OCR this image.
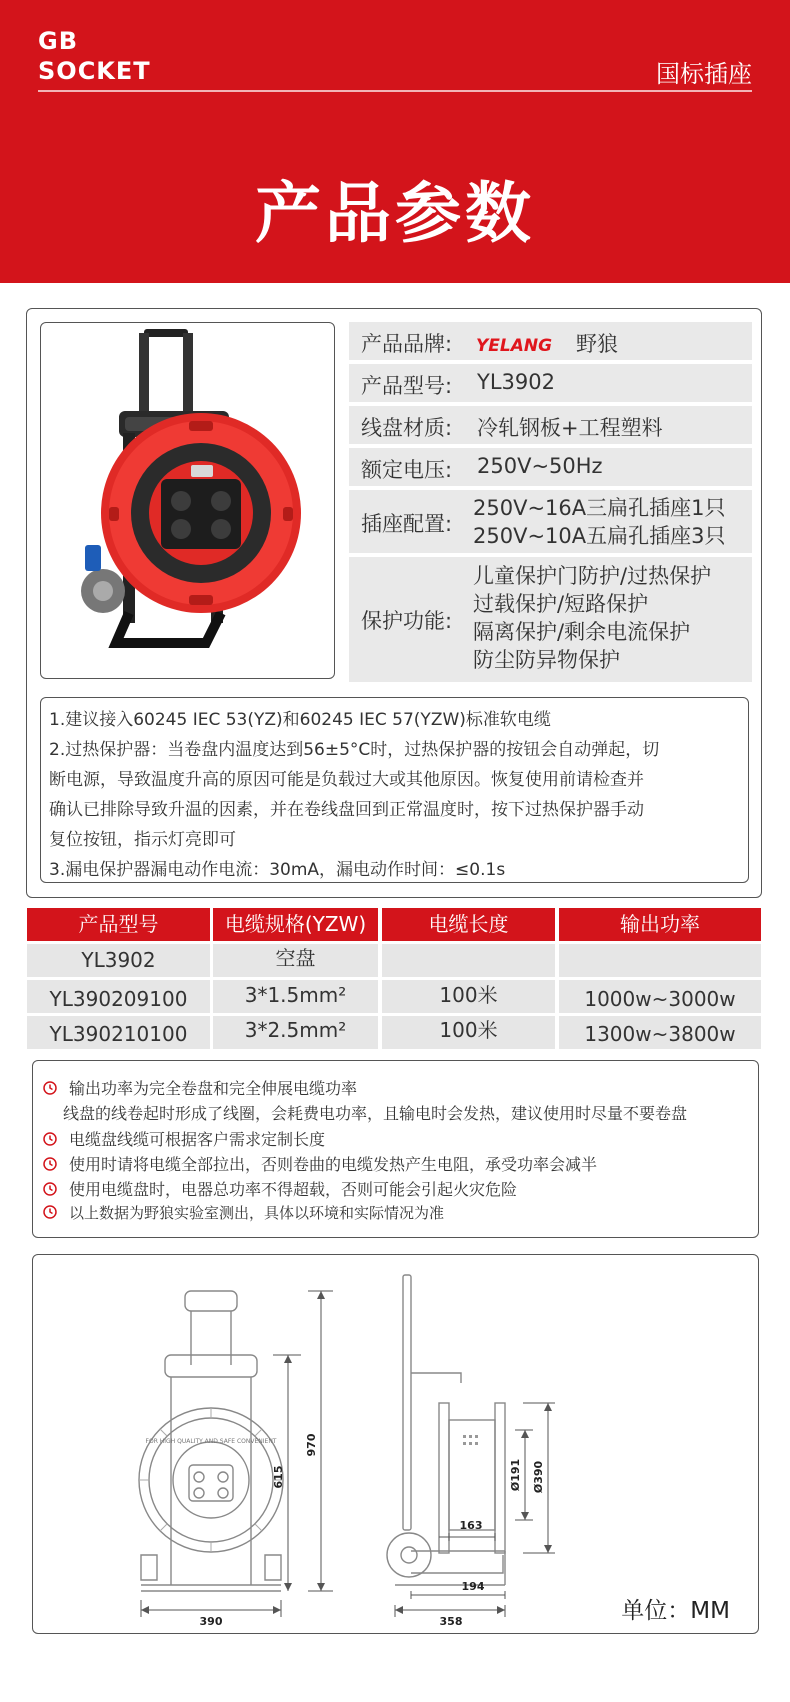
GB
SOCKET	国标插座
产品参数
产品品牌: YELANG 野狼
产品型号: YL3902
线盘材质: 冷轧钢板+工程塑料
额定电压: 250V~50Hz
插座配置:
250V~16A三扁孔插座1只
250V~10A五扁孔插座3只
保护功能:
儿童保护门防护/过热保护
过载保护/短路保护
隔离保护/剩余电流保护
防尘防异物保护
1.建议接入60245 IEC 53(YZ)和60245 IEC 57(YZW)标准软电缆
2.过热保护器：当卷盘内温度达到56±5°C时，过热保护器的按钮会自动弹起，切
断电源，导致温度升高的原因可能是负载过大或其他原因。恢复使用前请检查并
确认已排除导致升温的因素，并在卷线盘回到正常温度时，按下过热保护器手动
复位按钮，指示灯亮即可
3.漏电保护器漏电动作电流：30mA，漏电动作时间：≤0.1s
产品型号	电缆规格(YZW)	电缆长度	输出功率
YL3902	空盘
YL390209100	3*1.5mm²	100米	1000w~3000w
YL390210100	3*2.5mm²	100米	1300w~3800w
输出功率为完全卷盘和完全伸展电缆功率
线盘的线卷起时形成了线圈，会耗费电功率，且输电时会发热，建议使用时尽量不要卷盘
电缆盘线缆可根据客户需求定制长度
使用时请将电缆全部拉出，否则卷曲的电缆发热产生电阻，承受功率会减半
使用电缆盘时，电器总功率不得超载，否则可能会引起火灾危险
以上数据为野狼实验室测出，具体以环境和实际情况为准
FOR HIGH QUALITY AND SAFE CONVENIENT	970
615
390
Ø191 Ø390
163
194
358	单位：MM
